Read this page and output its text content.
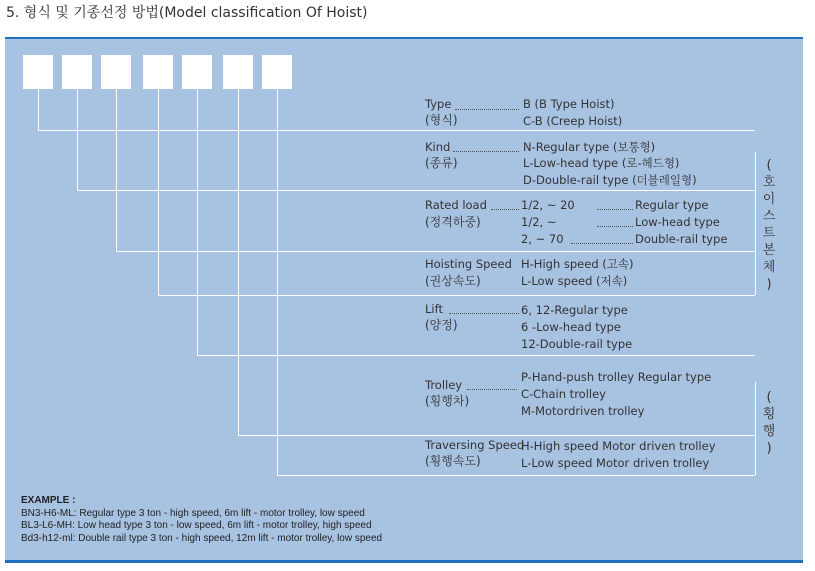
5. 형식 및 기종선정 방법(Model classification Of Hoist)
Type
(형식)
B (B Type Hoist)
C-B (Creep Hoist)
Kind
(종류)
N-Regular type (보통형)
L-Low-head type (로-헤드형)
D-Double-rail type (더블레일형)
Rated load
(정격하중)
1/2, ~ 20
1/2, ~
2, ~ 70
Regular type
Low-head type
Double-rail type
Hoisting Speed
(권상속도)
H-High speed (고속)
L-Low speed (저속)
Lift
(양정)
6, 12-Regular type
6 -Low-head type
12-Double-rail type
Trolley
(횡행차)
P-Hand-push trolley Regular type
C-Chain trolley
M-Motordriven trolley
Traversing Speed
(횡행속도)
H-High speed Motor driven trolley
L-Low speed Motor driven trolley
(
호
이
스
트
본
체
)
(
횡
행
)
EXAMPLE :
BN3-H6-ML: Regular type 3 ton - high speed, 6m lift - motor trolley, low speed
BL3-L6-MH: Low head type 3 ton - low speed, 6m lift - motor trolley, high speed
Bd3-h12-ml: Double rail type 3 ton - high speed, 12m lift - motor trolley, low speed
